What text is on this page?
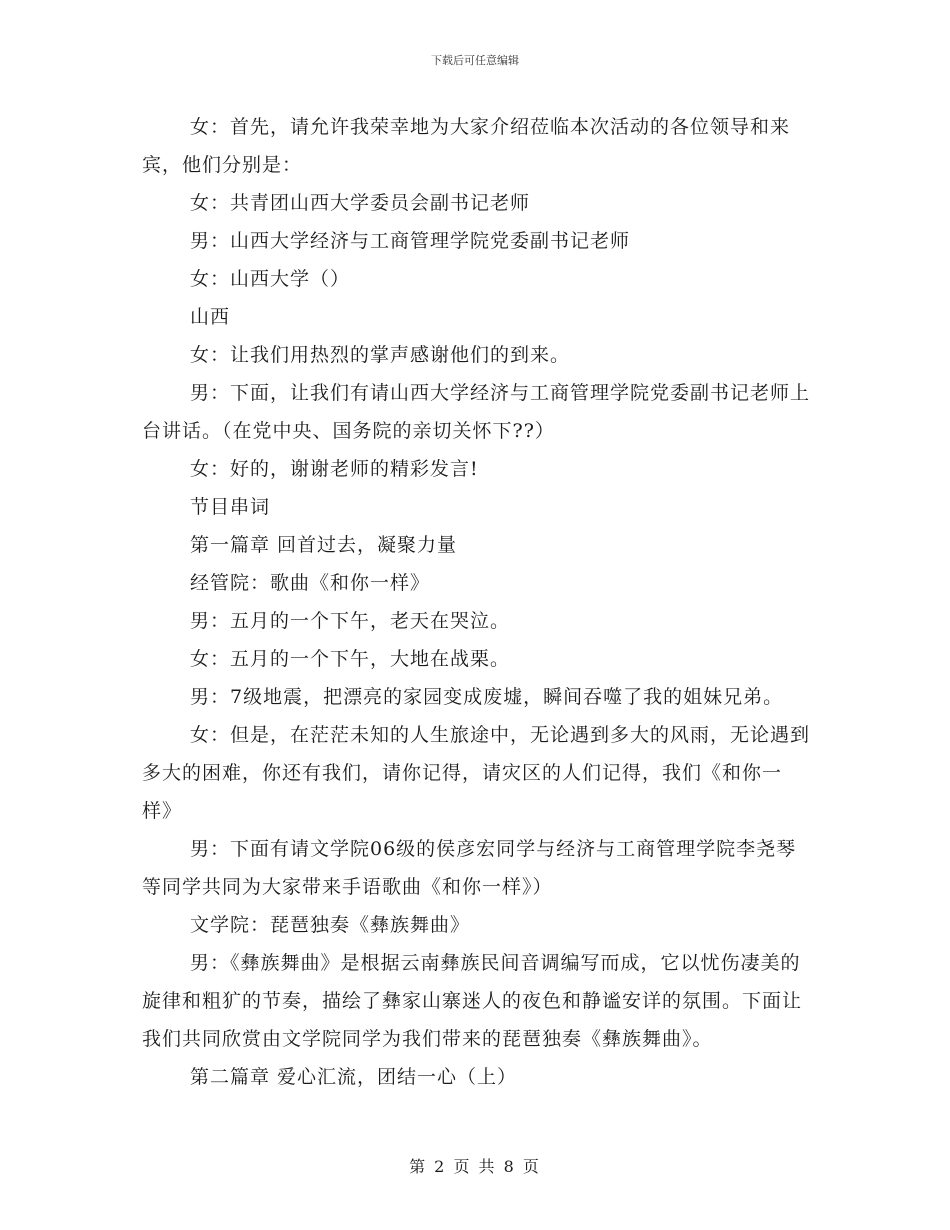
下载后可任意编辑

女：首先，请允许我荣幸地为大家介绍莅临本次活动的各位领导和来宾，他们分别是：

女：共青团山西大学委员会副书记老师

男：山西大学经济与工商管理学院党委副书记老师

女：山西大学（）

山西

女：让我们用热烈的掌声感谢他们的到来。

男：下面，让我们有请山西大学经济与工商管理学院党委副书记老师上台讲话。（在党中央、国务院的亲切关怀下??）

女：好的，谢谢老师的精彩发言!

节目串词

第一篇章 回首过去，凝聚力量

经管院：歌曲《和你一样》

男：五月的一个下午，老天在哭泣。

女：五月的一个下午，大地在战栗。

男：7级地震，把漂亮的家园变成废墟，瞬间吞噬了我的姐妹兄弟。

女：但是，在茫茫未知的人生旅途中，无论遇到多大的风雨，无论遇到多大的困难，你还有我们，请你记得，请灾区的人们记得，我们《和你一样》

男：下面有请文学院06级的侯彦宏同学与经济与工商管理学院李尧琴等同学共同为大家带来手语歌曲《和你一样》）

文学院：琵琶独奏《彝族舞曲》

男：《彝族舞曲》是根据云南彝族民间音调编写而成，它以忧伤凄美的旋律和粗犷的节奏，描绘了彝家山寨迷人的夜色和静谧安详的氛围。下面让我们共同欣赏由文学院同学为我们带来的琵琶独奏《彝族舞曲》。

第二篇章 爱心汇流，团结一心（上）

第 2 页 共 8 页
